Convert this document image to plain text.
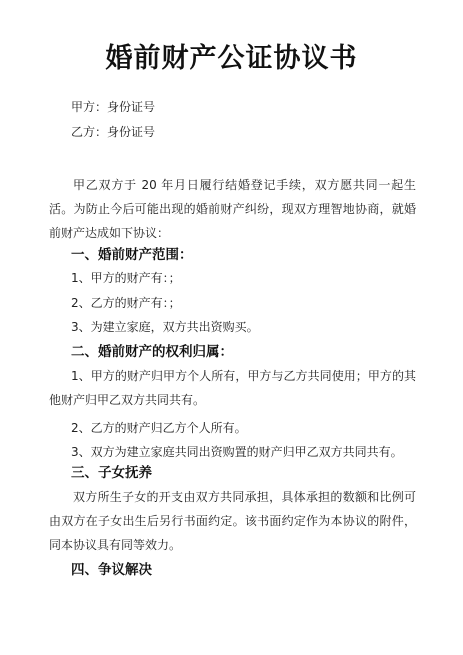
婚前财产公证协议书
甲方：身份证号
乙方：身份证号

甲乙双方于 20 年月日履行结婚登记手续，双方愿共同一起生活。为防止今后可能出现的婚前财产纠纷，现双方理智地协商，就婚前财产达成如下协议：

一、婚前财产范围：
1、甲方的财产有：；
2、乙方的财产有：；
3、为建立家庭，双方共出资购买。
二、婚前财产的权利归属：

1、甲方的财产归甲方个人所有，甲方与乙方共同使用；甲方的其他财产归甲乙双方共同共有。

2、乙方的财产归乙方个人所有。

3、双方为建立家庭共同出资购置的财产归甲乙双方共同共有。

三、子女抚养

双方所生子女的开支由双方共同承担，具体承担的数额和比例可由双方在子女出生后另行书面约定。该书面约定作为本协议的附件，同本协议具有同等效力。

四、争议解决
